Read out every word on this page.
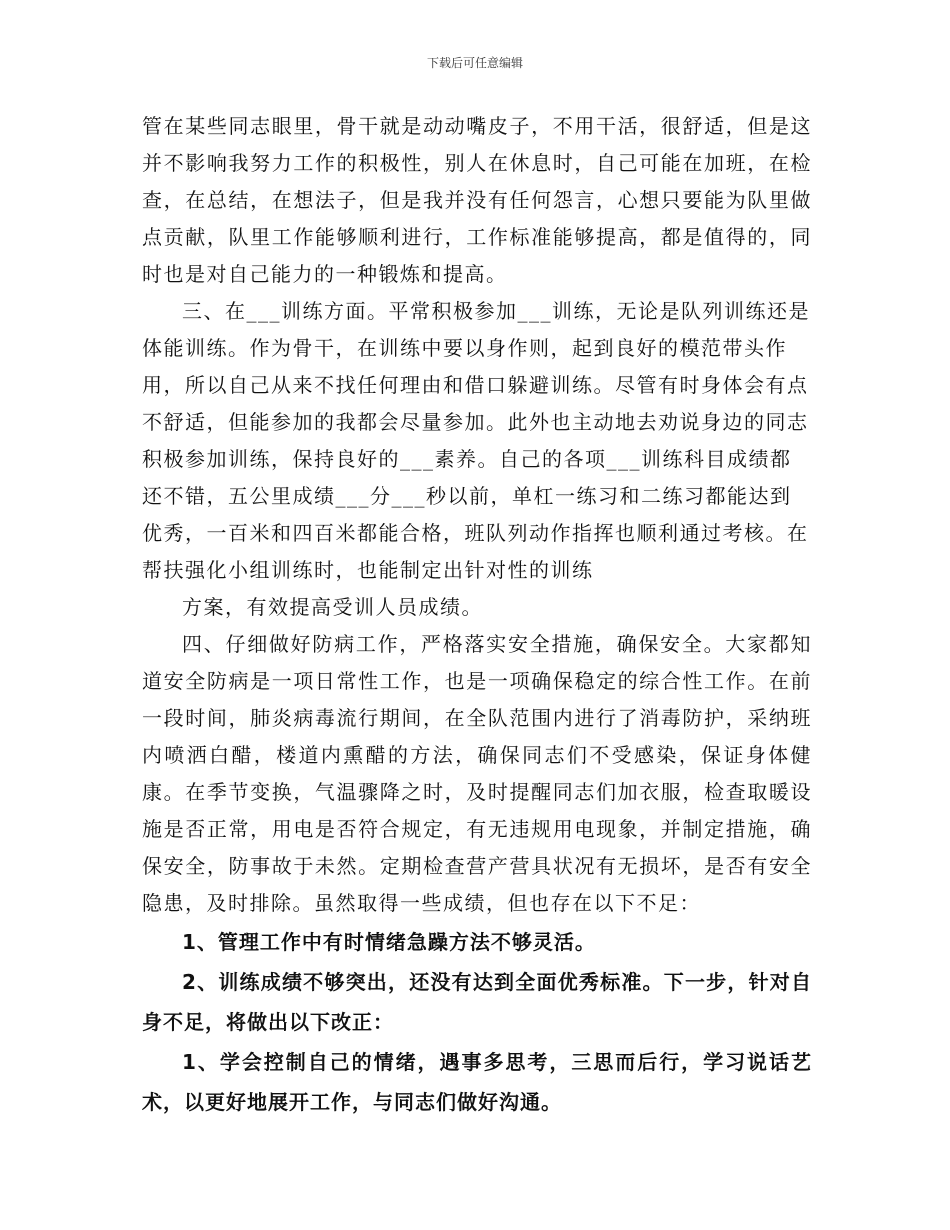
下载后可任意编辑

管在某些同志眼里，骨干就是动动嘴皮子，不用干活，很舒适，但是这并不影响我努力工作的积极性，别人在休息时，自己可能在加班，在检查，在总结，在想法子，但是我并没有任何怨言，心想只要能为队里做点贡献，队里工作能够顺利进行，工作标准能够提高，都是值得的，同时也是对自己能力的一种锻炼和提高。

三、在___训练方面。平常积极参加___训练，无论是队列训练还是体能训练。作为骨干，在训练中要以身作则，起到良好的模范带头作用，所以自己从来不找任何理由和借口躲避训练。尽管有时身体会有点不舒适，但能参加的我都会尽量参加。此外也主动地去劝说身边的同志积极参加训练，保持良好的___素养。自己的各项___训练科目成绩都还不错，五公里成绩___分___秒以前，单杠一练习和二练习都能达到优秀，一百米和四百米都能合格，班队列动作指挥也顺利通过考核。在帮扶强化小组训练时，也能制定出针对性的训练

方案，有效提高受训人员成绩。

四、仔细做好防病工作，严格落实安全措施，确保安全。大家都知道安全防病是一项日常性工作，也是一项确保稳定的综合性工作。在前一段时间，肺炎病毒流行期间，在全队范围内进行了消毒防护，采纳班内喷洒白醋，楼道内熏醋的方法，确保同志们不受感染，保证身体健康。在季节变换，气温骤降之时，及时提醒同志们加衣服，检查取暖设施是否正常，用电是否符合规定，有无违规用电现象，并制定措施，确保安全，防事故于未然。定期检查营产营具状况有无损坏，是否有安全隐患，及时排除。虽然取得一些成绩，但也存在以下不足：

1、管理工作中有时情绪急躁方法不够灵活。

2、训练成绩不够突出，还没有达到全面优秀标准。下一步，针对自身不足，将做出以下改正：

1、学会控制自己的情绪，遇事多思考，三思而后行，学习说话艺术，以更好地展开工作，与同志们做好沟通。
